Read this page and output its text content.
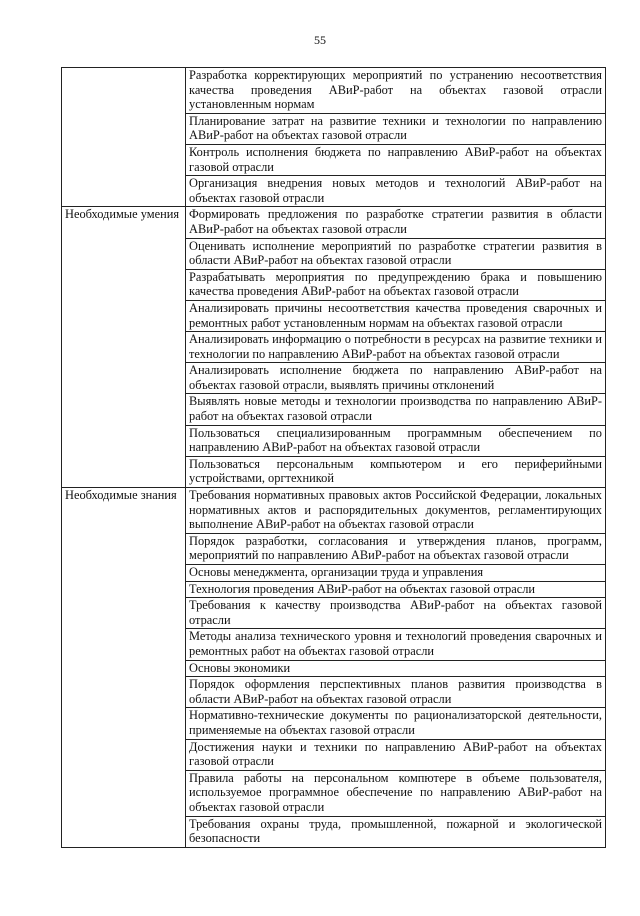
55
	Разработка корректирующих мероприятий по устранению несоответствия качества проведения АВиР-работ на объектах газовой отрасли установленным нормам
	Планирование затрат на развитие техники и технологии по направлению АВиР-работ на объектах газовой отрасли
	Контроль исполнения бюджета по направлению АВиР-работ на объектах газовой отрасли
	Организация внедрения новых методов и технологий АВиР-работ на объектах газовой отрасли
Необходимые умения	Формировать предложения по разработке стратегии развития в области АВиР-работ на объектах газовой отрасли
	Оценивать исполнение мероприятий по разработке стратегии развития в области АВиР-работ на объектах газовой отрасли
	Разрабатывать мероприятия по предупреждению брака и повышению качества проведения АВиР-работ на объектах газовой отрасли
	Анализировать причины несоответствия качества проведения сварочных и ремонтных работ установленным нормам на объектах газовой отрасли
	Анализировать информацию о потребности в ресурсах на развитие техники и технологии по направлению АВиР-работ на объектах газовой отрасли
	Анализировать исполнение бюджета по направлению АВиР-работ на объектах газовой отрасли, выявлять причины отклонений
	Выявлять новые методы и технологии производства по направлению АВиР-работ на объектах газовой отрасли
	Пользоваться специализированным программным обеспечением по направлению АВиР-работ на объектах газовой отрасли
	Пользоваться персональным компьютером и его периферийными устройствами, оргтехникой
Необходимые знания	Требования нормативных правовых актов Российской Федерации, локальных нормативных актов и распорядительных документов, регламентирующих выполнение АВиР-работ на объектах газовой отрасли
	Порядок разработки, согласования и утверждения планов, программ, мероприятий по направлению АВиР-работ на объектах газовой отрасли
	Основы менеджмента, организации труда и управления
	Технология проведения АВиР-работ на объектах газовой отрасли
	Требования к качеству производства АВиР-работ на объектах газовой отрасли
	Методы анализа технического уровня и технологий проведения сварочных и ремонтных работ на объектах газовой отрасли
	Основы экономики
	Порядок оформления перспективных планов развития производства в области АВиР-работ на объектах газовой отрасли
	Нормативно-технические документы по рационализаторской деятельности, применяемые на объектах газовой отрасли
	Достижения науки и техники по направлению АВиР-работ на объектах газовой отрасли
	Правила работы на персональном компютере в объеме пользователя, используемое программное обеспечение по направлению АВиР-работ на объектах газовой отрасли
	Требования охраны труда, промышленной, пожарной и экологической безопасности
